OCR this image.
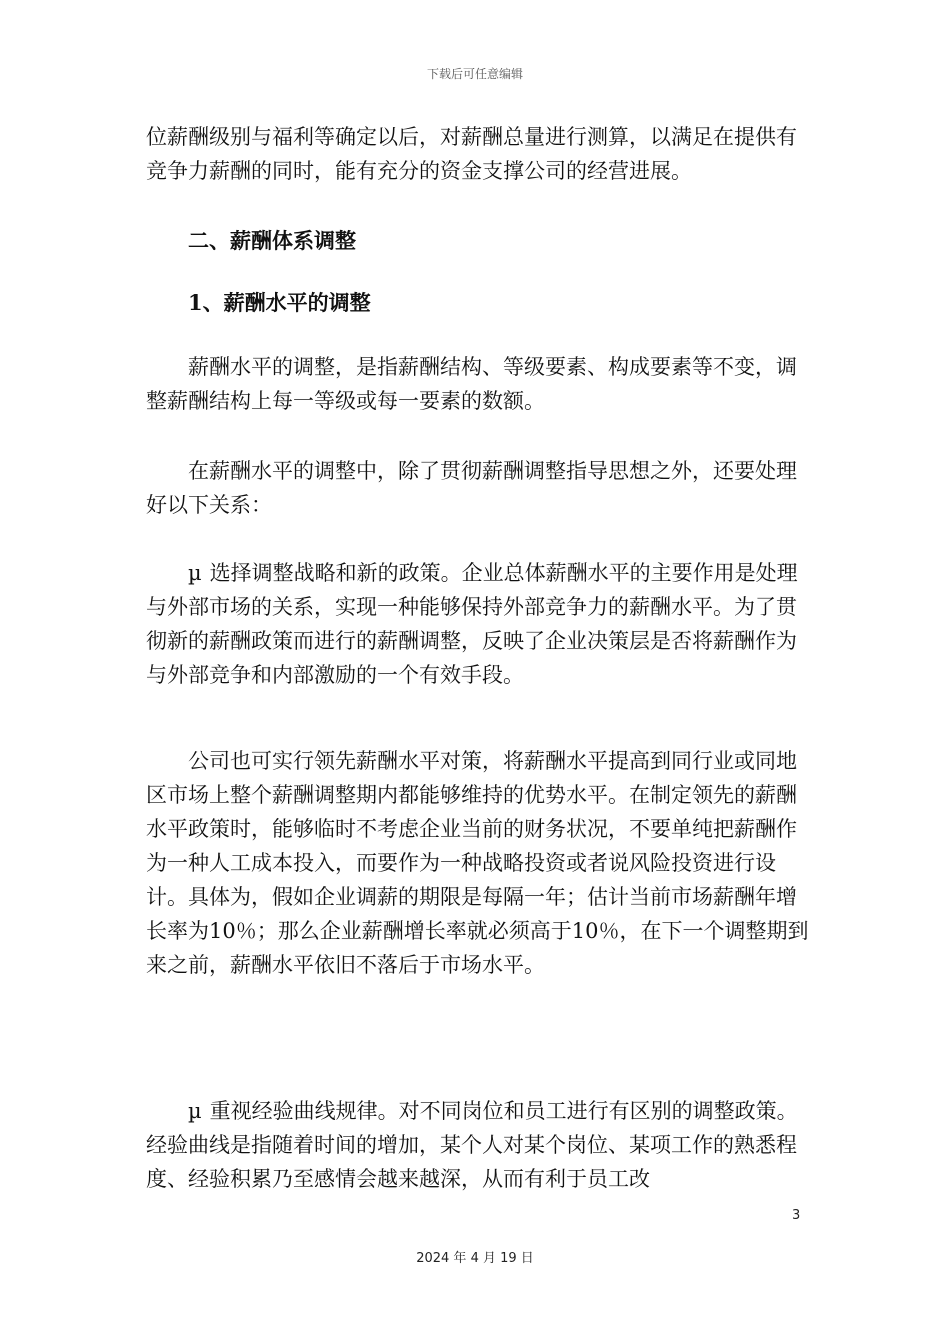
下载后可任意编辑

位薪酬级别与福利等确定以后，对薪酬总量进行测算，以满足在提供有竞争力薪酬的同时，能有充分的资金支撑公司的经营进展。

二、薪酬体系调整

1、薪酬水平的调整

薪酬水平的调整，是指薪酬结构、等级要素、构成要素等不变，调整薪酬结构上每一等级或每一要素的数额。

在薪酬水平的调整中，除了贯彻薪酬调整指导思想之外，还要处理好以下关系：

µ 选择调整战略和新的政策。企业总体薪酬水平的主要作用是处理与外部市场的关系，实现一种能够保持外部竞争力的薪酬水平。为了贯彻新的薪酬政策而进行的薪酬调整，反映了企业决策层是否将薪酬作为与外部竞争和内部激励的一个有效手段。

公司也可实行领先薪酬水平对策，将薪酬水平提高到同行业或同地区市场上整个薪酬调整期内都能够维持的优势水平。在制定领先的薪酬水平政策时，能够临时不考虑企业当前的财务状况，不要单纯把薪酬作为一种人工成本投入，而要作为一种战略投资或者说风险投资进行设计。具体为，假如企业调薪的期限是每隔一年；估计当前市场薪酬年增长率为10％；那么企业薪酬增长率就必须高于10％，在下一个调整期到来之前，薪酬水平依旧不落后于市场水平。

µ 重视经验曲线规律。对不同岗位和员工进行有区别的调整政策。经验曲线是指随着时间的增加，某个人对某个岗位、某项工作的熟悉程度、经验积累乃至感情会越来越深，从而有利于员工改

3
2024 年 4 月 19 日
